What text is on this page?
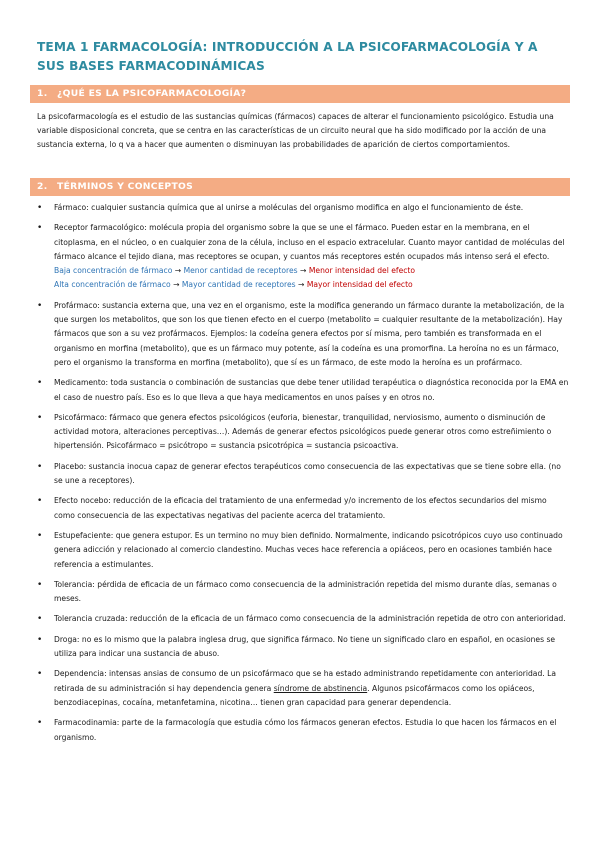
TEMA 1 FARMACOLOGÍA: INTRODUCCIÓN A LA PSICOFARMACOLOGÍA Y A SUS BASES FARMACODINÁMICAS
1. ¿QUÉ ES LA PSICOFARMACOLOGÍA?

La psicofarmacología es el estudio de las sustancias químicas (fármacos) capaces de alterar el funcionamiento psicológico. Estudia una variable disposicional concreta, que se centra en las características de un circuito neural que ha sido modificado por la acción de una sustancia externa, lo q va a hacer que aumenten o disminuyan las probabilidades de aparición de ciertos comportamientos.

2. TÉRMINOS Y CONCEPTOS
• Fármaco: cualquier sustancia química que al unirse a moléculas del organismo modifica en algo el funcionamiento de éste.
• Receptor farmacológico: molécula propia del organismo sobre la que se une el fármaco. Pueden estar en la membrana, en el citoplasma, en el núcleo, o en cualquier zona de la célula, incluso en el espacio extracelular. Cuanto mayor cantidad de moléculas del fármaco alcance el tejido diana, mas receptores se ocupan, y cuantos más receptores estén ocupados más intenso será el efecto.
Baja concentración de fármaco → Menor cantidad de receptores → Menor intensidad del efecto
Alta concentración de fármaco → Mayor cantidad de receptores → Mayor intensidad del efecto
• Profármaco: sustancia externa que, una vez en el organismo, este la modifica generando un fármaco durante la metabolización, de la que surgen los metabolitos, que son los que tienen efecto en el cuerpo (metabolito = cualquier resultante de la metabolización). Hay fármacos que son a su vez profármacos. Ejemplos: la codeína genera efectos por sí misma, pero también es transformada en el organismo en morfina (metabolito), que es un fármaco muy potente, así la codeína es una promorfina. La heroína no es un fármaco, pero el organismo la transforma en morfina (metabolito), que sí es un fármaco, de este modo la heroína es un profármaco.
• Medicamento: toda sustancia o combinación de sustancias que debe tener utilidad terapéutica o diagnóstica reconocida por la EMA en el caso de nuestro país. Eso es lo que lleva a que haya medicamentos en unos países y en otros no.
• Psicofármaco: fármaco que genera efectos psicológicos (euforia, bienestar, tranquilidad, nerviosismo, aumento o disminución de actividad motora, alteraciones perceptivas…). Además de generar efectos psicológicos puede generar otros como estreñimiento o hipertensión. Psicofármaco = psicótropo = sustancia psicotrópica = sustancia psicoactiva.
• Placebo: sustancia inocua capaz de generar efectos terapéuticos como consecuencia de las expectativas que se tiene sobre ella. (no se une a receptores).
• Efecto nocebo: reducción de la eficacia del tratamiento de una enfermedad y/o incremento de los efectos secundarios del mismo como consecuencia de las expectativas negativas del paciente acerca del tratamiento.
• Estupefaciente: que genera estupor. Es un termino no muy bien definido. Normalmente, indicando psicotrópicos cuyo uso continuado genera adicción y relacionado al comercio clandestino. Muchas veces hace referencia a opiáceos, pero en ocasiones también hace referencia a estimulantes.
• Tolerancia: pérdida de eficacia de un fármaco como consecuencia de la administración repetida del mismo durante días, semanas o meses.
• Tolerancia cruzada: reducción de la eficacia de un fármaco como consecuencia de la administración repetida de otro con anterioridad.
• Droga: no es lo mismo que la palabra inglesa drug, que significa fármaco. No tiene un significado claro en español, en ocasiones se utiliza para indicar una sustancia de abuso.
• Dependencia: intensas ansias de consumo de un psicofármaco que se ha estado administrando repetidamente con anterioridad. La retirada de su administración si hay dependencia genera síndrome de abstinencia. Algunos psicofármacos como los opiáceos, benzodiacepinas, cocaína, metanfetamina, nicotina… tienen gran capacidad para generar dependencia.
• Farmacodinamia: parte de la farmacología que estudia cómo los fármacos generan efectos. Estudia lo que hacen los fármacos en el organismo.
